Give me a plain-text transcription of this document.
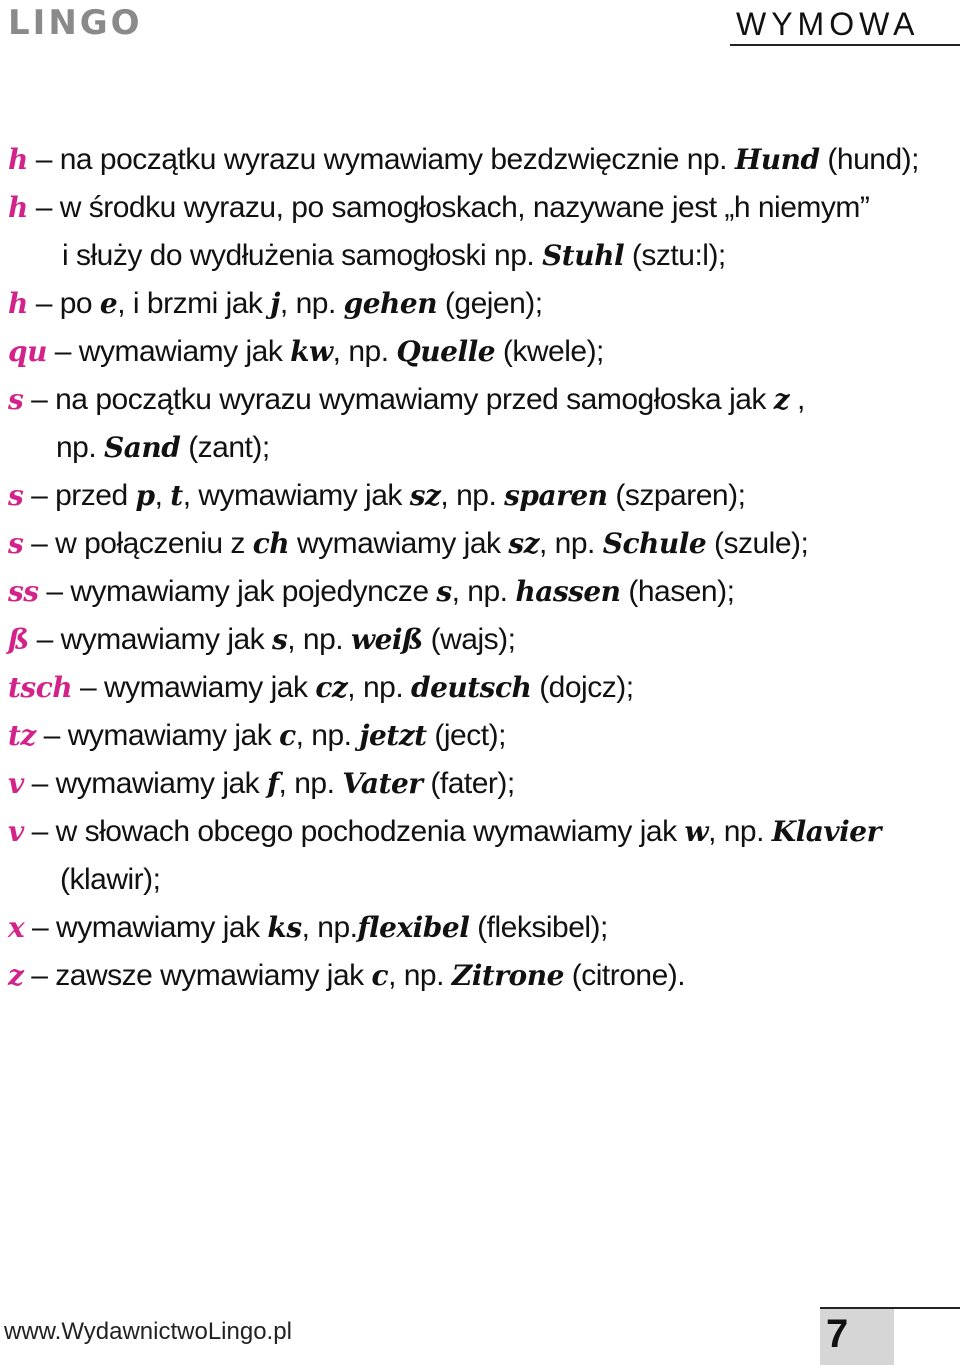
LINGO	WYMOWA
h – na początku wyrazu wymawiamy bezdzwięcznie np. Hund (hund);
h – w środku wyrazu, po samogłoskach, nazywane jest „h niemym”
i służy do wydłużenia samogłoski np. Stuhl (sztu:l);
h – po e, i brzmi jak j, np. gehen (gejen);
qu – wymawiamy jak kw, np. Quelle (kwele);
s – na początku wyrazu wymawiamy przed samogłoska jak z ,
np. Sand (zant);
s – przed p, t, wymawiamy jak sz, np. sparen (szparen);
s – w połączeniu z ch wymawiamy jak sz, np. Schule (szule);
ss – wymawiamy jak pojedyncze s, np. hassen (hasen);
ß – wymawiamy jak s, np. weiß (wajs);
tsch – wymawiamy jak cz, np. deutsch (dojcz);
tz – wymawiamy jak c, np. jetzt (ject);
v – wymawiamy jak f, np. Vater (fater);
v – w słowach obcego pochodzenia wymawiamy jak w, np. Klavier
(klawir);
x – wymawiamy jak ks, np.flexibel (fleksibel);
z – zawsze wymawiamy jak c, np. Zitrone (citrone).
www.WydawnictwoLingo.pl	7
